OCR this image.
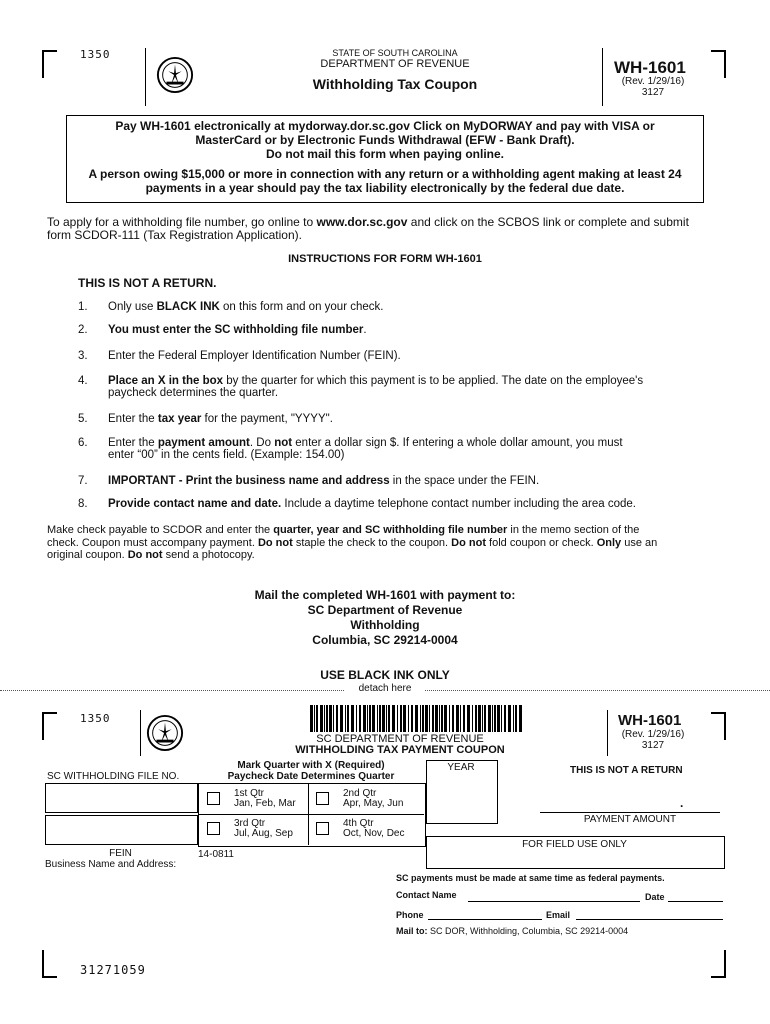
1350	STATE OF SOUTH CAROLINA
DEPARTMENT OF REVENUE
Withholding Tax Coupon
WH-1601
(Rev. 1/29/16)
3127
Pay WH-1601 electronically at mydorway.dor.sc.gov Click on MyDORWAY and pay with VISA or
MasterCard or by Electronic Funds Withdrawal (EFW - Bank Draft).
Do not mail this form when paying online.
A person owing $15,000 or more in connection with any return or a withholding agent making at least 24
payments in a year should pay the tax liability electronically by the federal due date.
To apply for a withholding file number, go online to www.dor.sc.gov and click on the SCBOS link or complete and submit
form SCDOR-111 (Tax Registration Application).
INSTRUCTIONS FOR FORM WH-1601
THIS IS NOT A RETURN.
1. Only use BLACK INK on this form and on your check.
2. You must enter the SC withholding file number.
3. Enter the Federal Employer Identification Number (FEIN).
4. Place an X in the box by the quarter for which this payment is to be applied. The date on the employee's
paycheck determines the quarter.
5. Enter the tax year for the payment, "YYYY".
6. Enter the payment amount. Do not enter a dollar sign $. If entering a whole dollar amount, you must
enter “00” in the cents field. (Example: 154.00)
7. IMPORTANT - Print the business name and address in the space under the FEIN.
8. Provide contact name and date. Include a daytime telephone contact number including the area code.
Make check payable to SCDOR and enter the quarter, year and SC withholding file number in the memo section of the
check. Coupon must accompany payment. Do not staple the check to the coupon. Do not fold coupon or check. Only use an
original coupon. Do not send a photocopy.
Mail the completed WH-1601 with payment to:
SC Department of Revenue
Withholding
Columbia, SC 29214-0004
USE BLACK INK ONLY
detach here
1350
SC DEPARTMENT OF REVENUE
WITHHOLDING TAX PAYMENT COUPON
WH-1601
(Rev. 1/29/16)
3127
SC WITHHOLDING FILE NO.
FEIN
Business Name and Address:
Mark Quarter with X (Required)
Paycheck Date Determines Quarter
1st Qtr
Jan, Feb, Mar
2nd Qtr
Apr, May, Jun
3rd Qtr
Jul, Aug, Sep
4th Qtr
Oct, Nov, Dec
14-0811
YEAR	THIS IS NOT A RETURN
.
PAYMENT AMOUNT
FOR FIELD USE ONLY
SC payments must be made at same time as federal payments.
Contact Name	Date
Phone	Email
Mail to: SC DOR, Withholding, Columbia, SC 29214-0004
31271059
